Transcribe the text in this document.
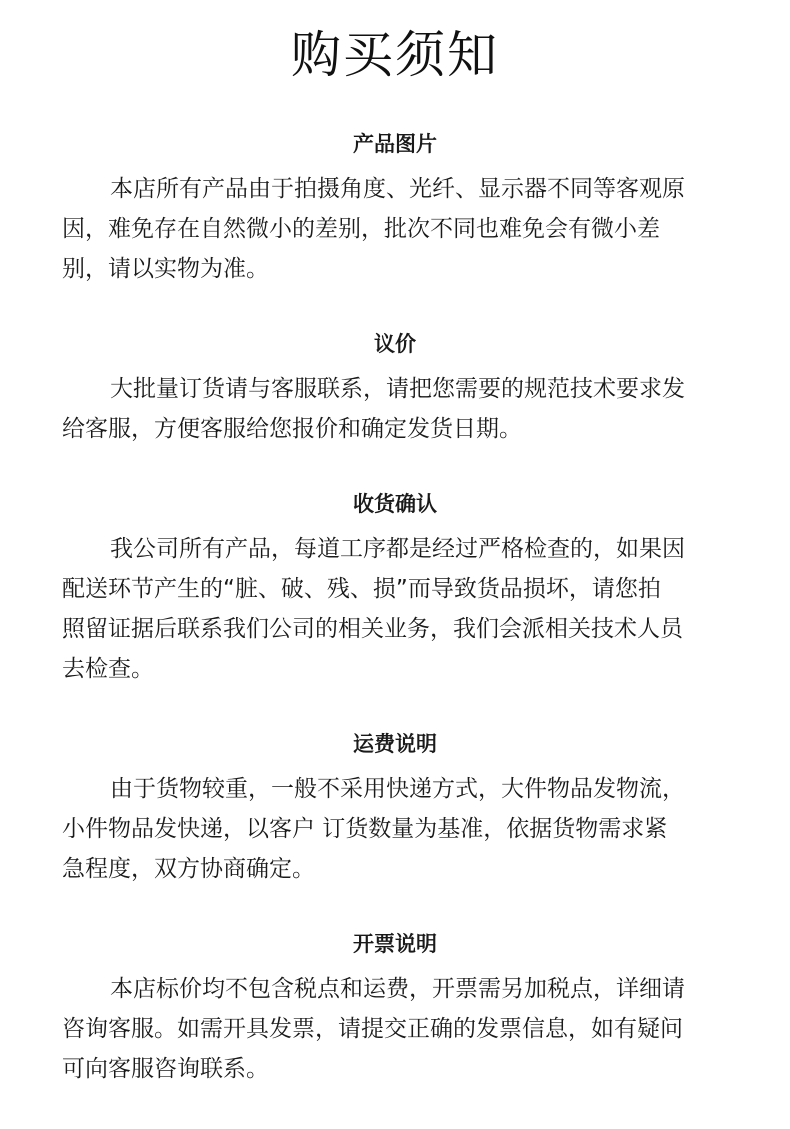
购买须知
产品图片
本店所有产品由于拍摄角度、光纤、显示器不同等客观原
因，难免存在自然微小的差别，批次不同也难免会有微小差
别，请以实物为准。
议价
大批量订货请与客服联系，请把您需要的规范技术要求发
给客服，方便客服给您报价和确定发货日期。
收货确认
我公司所有产品，每道工序都是经过严格检查的，如果因
配送环节产生的“脏、破、残、损”而导致货品损坏，请您拍
照留证据后联系我们公司的相关业务，我们会派相关技术人员
去检查。
运费说明
由于货物较重，一般不采用快递方式，大件物品发物流，
小件物品发快递，以客户 订货数量为基准，依据货物需求紧
急程度，双方协商确定。
开票说明
本店标价均不包含税点和运费，开票需另加税点，详细请
咨询客服。如需开具发票，请提交正确的发票信息，如有疑问
可向客服咨询联系。
